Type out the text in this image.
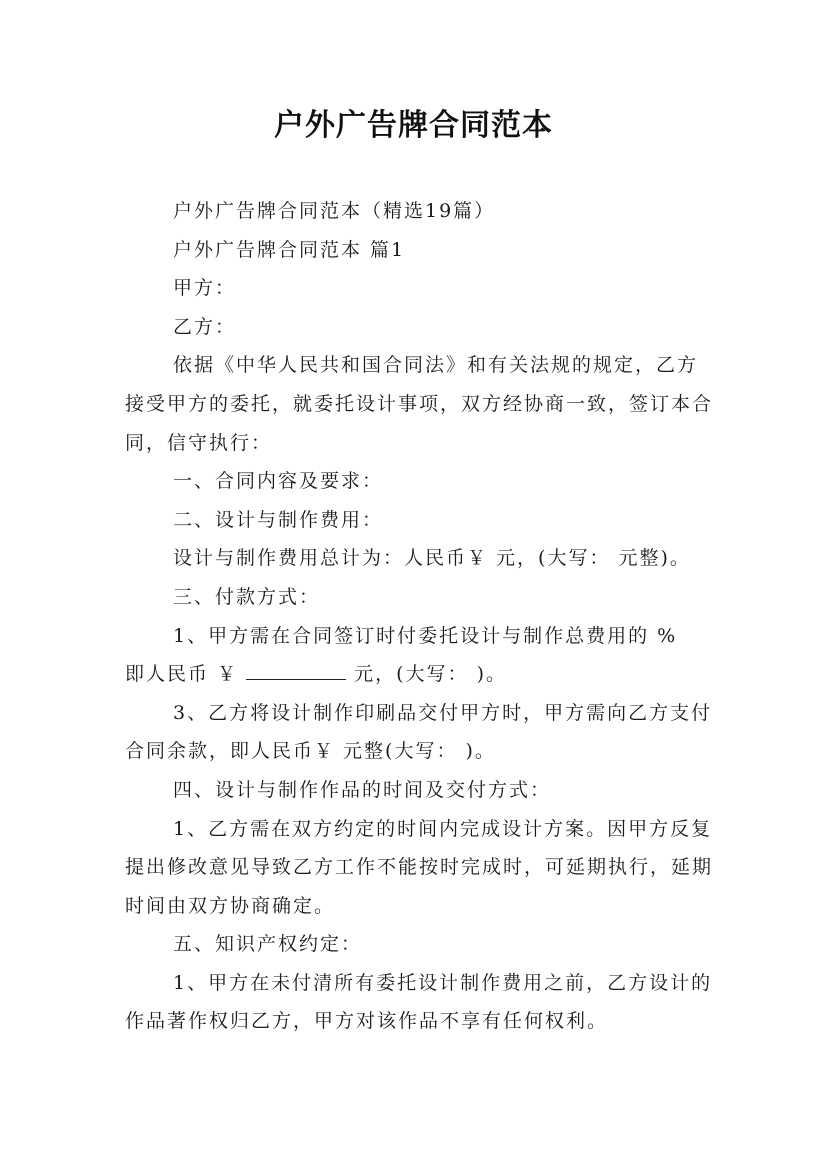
户外广告牌合同范本

户外广告牌合同范本（精选19篇）

户外广告牌合同范本 篇1

甲方：

乙方：

依据《中华人民共和国合同法》和有关法规的规定，乙方接受甲方的委托，就委托设计事项，双方经协商一致，签订本合同，信守执行：

一、合同内容及要求：

二、设计与制作费用：

设计与制作费用总计为：人民币￥ 元，(大写： 元整)。

三、付款方式：

1、甲方需在合同签订时付委托设计与制作总费用的 %

即人民币 ￥	元，(大写： )。

3、乙方将设计制作印刷品交付甲方时，甲方需向乙方支付合同余款，即人民币￥ 元整(大写： )。

四、设计与制作作品的时间及交付方式：

1、乙方需在双方约定的时间内完成设计方案。因甲方反复提出修改意见导致乙方工作不能按时完成时，可延期执行，延期时间由双方协商确定。

五、知识产权约定：

1、甲方在未付清所有委托设计制作费用之前，乙方设计的作品著作权归乙方，甲方对该作品不享有任何权利。
